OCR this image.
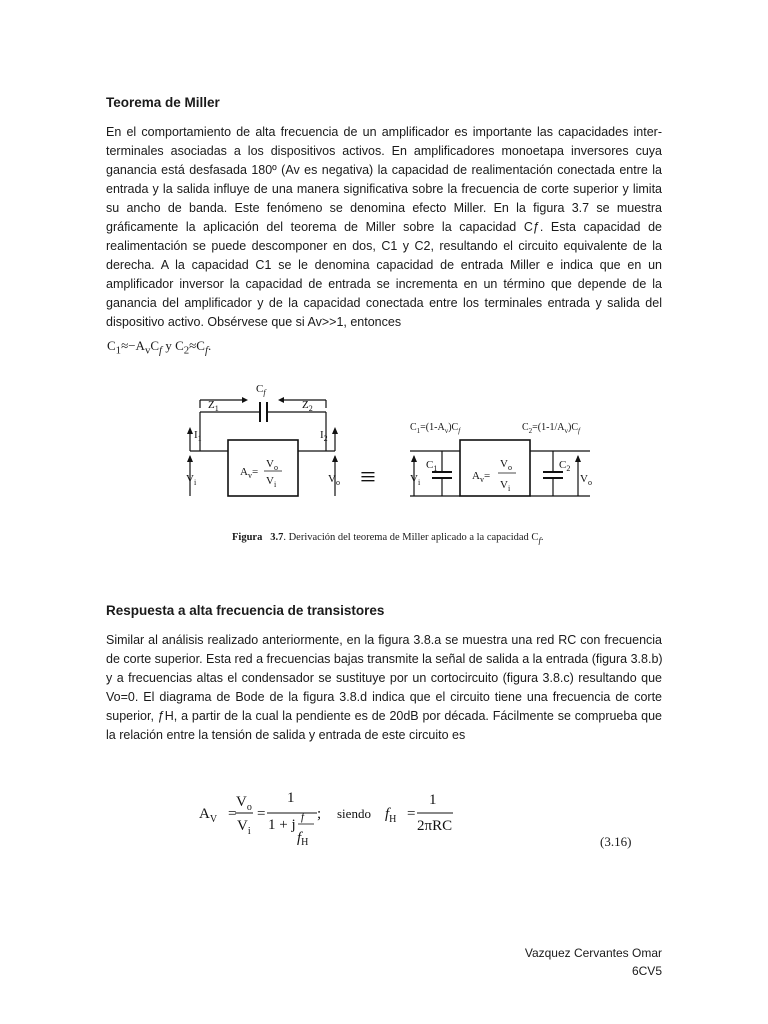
Teorema de Miller
En el comportamiento de alta frecuencia de un amplificador es importante las capacidades inter-
terminales asociadas a los dispositivos activos. En amplificadores monoetapa inversores cuya
ganancia está desfasada 180º (Av es negativa) la capacidad de realimentación conectada entre la
entrada y la salida influye de una manera significativa sobre la frecuencia de corte superior y limita
su ancho de banda. Este fenómeno se denomina efecto Miller. En la figura 3.7 se muestra
gráficamente la aplicación del teorema de Miller sobre la capacidad Cƒ. Esta capacidad de
realimentación se puede descomponer en dos, C1 y C2, resultando el circuito equivalente de la
derecha. A la capacidad C1 se le denomina capacidad de entrada Miller e indica que en un
amplificador inversor la capacidad de entrada se incrementa en un término que depende de la
ganancia del amplificador y de la capacidad conectada entre los terminales entrada y salida del
dispositivo activo. Obsérvese que si Av>>1, entonces
$C_1\approx-A_vC_f$ y $C_2\approx C_f$.
$C_f$
$Z_1$	$Z_2$
$I_1$	$I_2$
$V_i$	$V_o$
$A_v=$
$V_o$
$V_i$	≡
$C_1=(1-A_v)C_f$	$C_2=(1-1/A_v)C_f$
$C_1$	$C_2$
$V_i$	$V_o$
$A_v=$
$V_o$
$V_i$
Figura 3.7. Derivación del teorema de Miller aplicado a la capacidad $C_f$.
Respuesta a alta frecuencia de transistores
Similar al análisis realizado anteriormente, en la figura 3.8.a se muestra una red RC con frecuencia
de corte superior. Esta red a frecuencias bajas transmite la señal de salida a la entrada (figura 3.8.b)
y a frecuencias altas el condensador se sustituye por un cortocircuito (figura 3.8.c) resultando que
Vo=0. El diagrama de Bode de la figura 3.8.d indica que el circuito tiene una frecuencia de corte
superior, ƒH, a partir de la cual la pendiente es de 20dB por década. Fácilmente se comprueba que
la relación entre la tensión de salida y entrada de este circuito es
$A_V$ =
$V_o$
$V_i$
=
1
1 + j f
$f_H$
; siendo $f_H$ =
1
2πRC
(3.16)
Vazquez Cervantes Omar
6CV5
